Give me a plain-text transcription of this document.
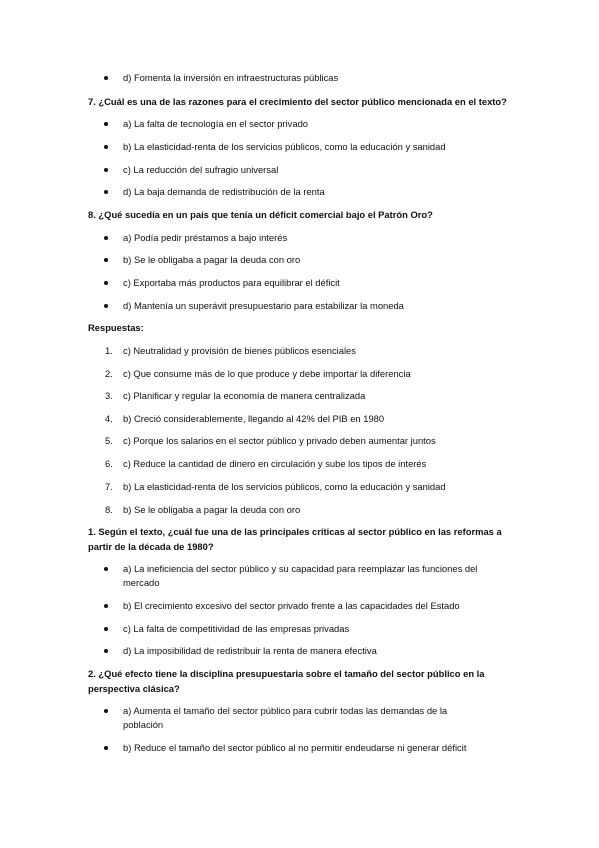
d) Fomenta la inversión en infraestructuras públicas
7. ¿Cuál es una de las razones para el crecimiento del sector público mencionada en el texto?
a) La falta de tecnología en el sector privado
b) La elasticidad-renta de los servicios públicos, como la educación y sanidad
c) La reducción del sufragio universal
d) La baja demanda de redistribución de la renta
8. ¿Qué sucedía en un país que tenía un déficit comercial bajo el Patrón Oro?
a) Podía pedir préstamos a bajo interés
b) Se le obligaba a pagar la deuda con oro
c) Exportaba más productos para equilibrar el déficit
d) Mantenía un superávit presupuestario para estabilizar la moneda
Respuestas:
1. c) Neutralidad y provisión de bienes públicos esenciales
2. c) Que consume más de lo que produce y debe importar la diferencia
3. c) Planificar y regular la economía de manera centralizada
4. b) Creció considerablemente, llegando al 42% del PIB en 1980
5. c) Porque los salarios en el sector público y privado deben aumentar juntos
6. c) Reduce la cantidad de dinero en circulación y sube los tipos de interés
7. b) La elasticidad-renta de los servicios públicos, como la educación y sanidad
8. b) Se le obligaba a pagar la deuda con oro
1. Según el texto, ¿cuál fue una de las principales críticas al sector público en las reformas a
partir de la década de 1980?
a) La ineficiencia del sector público y su capacidad para reemplazar las funciones del
mercado
b) El crecimiento excesivo del sector privado frente a las capacidades del Estado
c) La falta de competitividad de las empresas privadas
d) La imposibilidad de redistribuir la renta de manera efectiva
2. ¿Qué efecto tiene la disciplina presupuestaria sobre el tamaño del sector público en la
perspectiva clásica?
a) Aumenta el tamaño del sector público para cubrir todas las demandas de la
población
b) Reduce el tamaño del sector público al no permitir endeudarse ni generar déficit
